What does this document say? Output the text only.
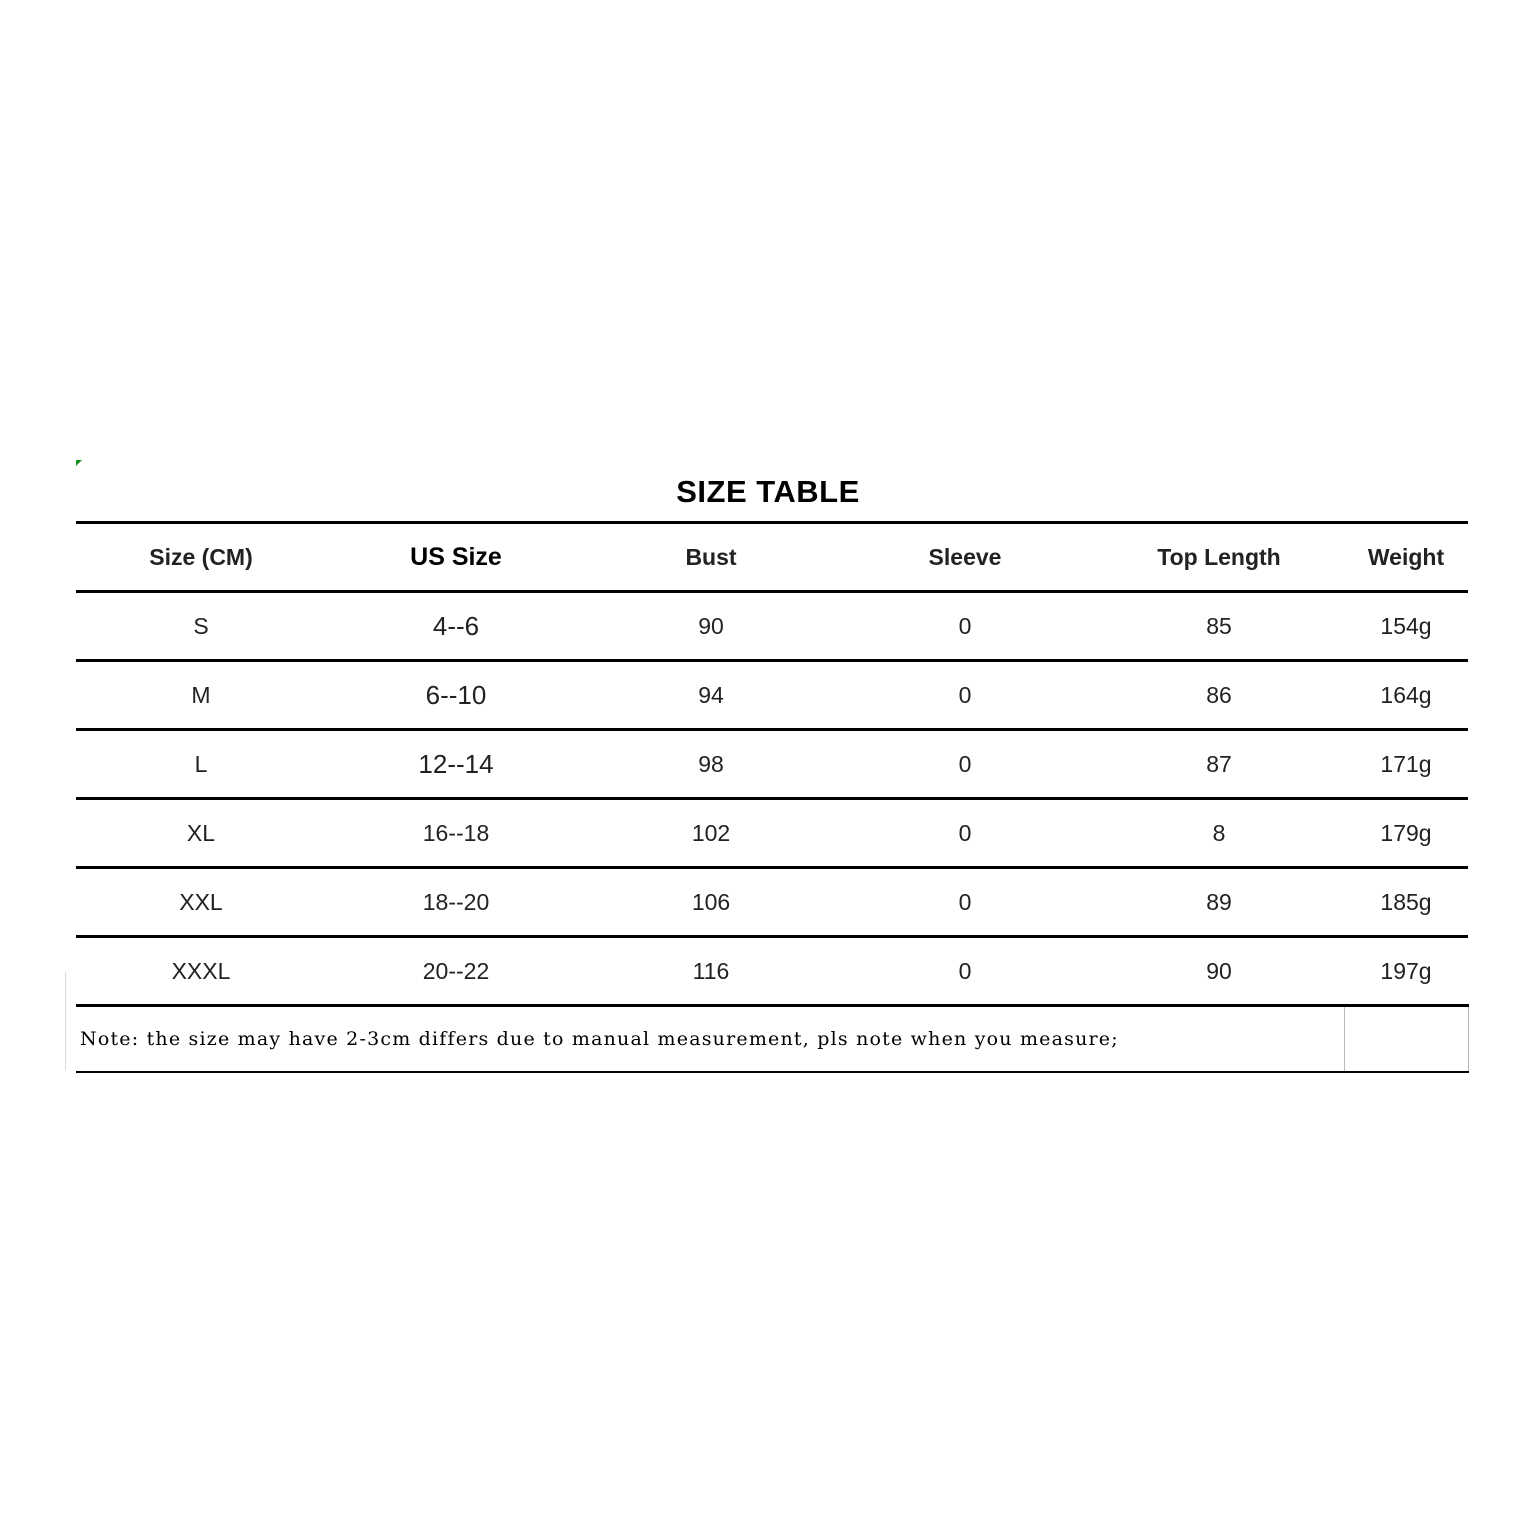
SIZE TABLE
Size (CM)	US Size	Bust	Sleeve	Top Length	Weight
S	4--6	90	0	85	154g
M	6--10	94	0	86	164g
L	12--14	98	0	87	171g
XL	16--18	102	0	8	179g
XXL	18--20	106	0	89	185g
XXXL	20--22	116	0	90	197g
Note: the size may have 2-3cm differs due to manual measurement, pls note when you measure;					
